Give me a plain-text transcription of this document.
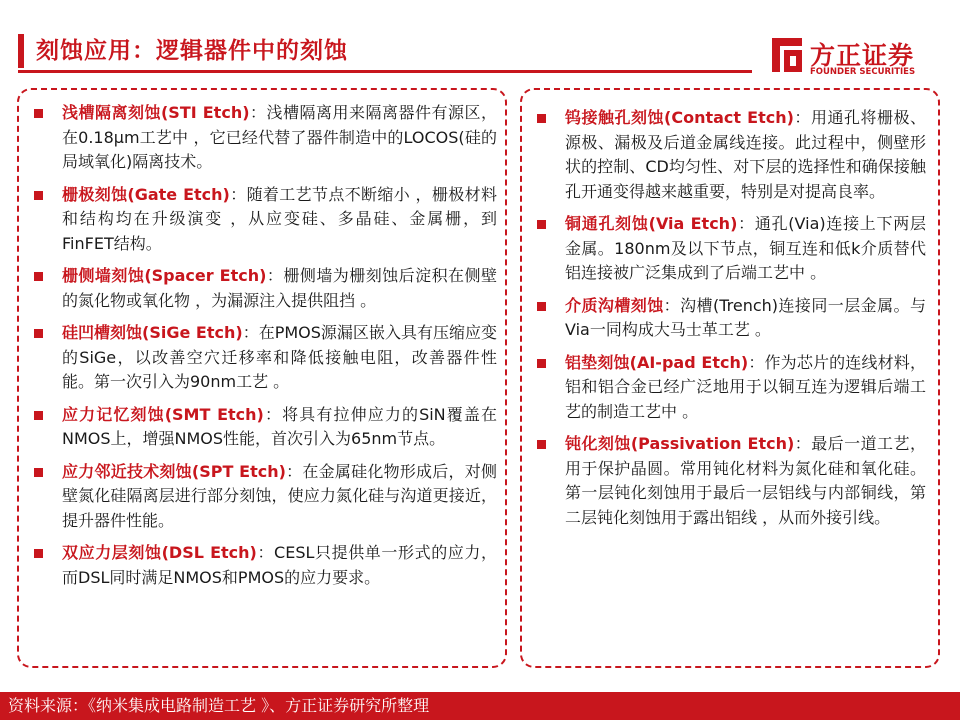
刻蚀应用：逻辑器件中的刻蚀	方正证券
FOUNDER SECURITIES
浅槽隔离刻蚀(STI Etch)：浅槽隔离用来隔离器件有源区，在0.18μm工艺中 ，它已经代替了器件制造中的LOCOS(硅的局域氧化)隔离技术。
栅极刻蚀(Gate Etch)：随着工艺节点不断缩小 ，栅极材料和结构均在升级演变 ，从应变硅、多晶硅、金属栅，到FinFET结构。
栅侧墙刻蚀(Spacer Etch)：栅侧墙为栅刻蚀后淀积在侧壁的氮化物或氧化物 ，为漏源注入提供阻挡 。
硅凹槽刻蚀(SiGe Etch)：在PMOS源漏区嵌入具有压缩应变的SiGe，以改善空穴迁移率和降低接触电阻，改善器件性能。第一次引入为90nm工艺 。
应力记忆刻蚀(SMT Etch)：将具有拉伸应力的SiN覆盖在NMOS上，增强NMOS性能，首次引入为65nm节点。
应力邻近技术刻蚀(SPT Etch)：在金属硅化物形成后，对侧壁氮化硅隔离层进行部分刻蚀，使应力氮化硅与沟道更接近，提升器件性能。
双应力层刻蚀(DSL Etch)：CESL只提供单一形式的应力，而DSL同时满足NMOS和PMOS的应力要求。
钨接触孔刻蚀(Contact Etch)：用通孔将栅极、源极、漏极及后道金属线连接。此过程中，侧壁形状的控制、CD均匀性、对下层的选择性和确保接触孔开通变得越来越重要，特别是对提高良率。
铜通孔刻蚀(Via Etch)：通孔(Via)连接上下两层金属。180nm及以下节点，铜互连和低k介质替代铝连接被广泛集成到了后端工艺中 。
介质沟槽刻蚀：沟槽(Trench)连接同一层金属。与Via一同构成大马士革工艺 。
铝垫刻蚀(AI-pad Etch)：作为芯片的连线材料，铝和铝合金已经广泛地用于以铜互连为逻辑后端工艺的制造工艺中 。
钝化刻蚀(Passivation Etch)：最后一道工艺，用于保护晶圆。常用钝化材料为氮化硅和氧化硅。第一层钝化刻蚀用于最后一层铝线与内部铜线，第二层钝化刻蚀用于露出铝线 ，从而外接引线。
资料来源：《纳米集成电路制造工艺 》、方正证券研究所整理
